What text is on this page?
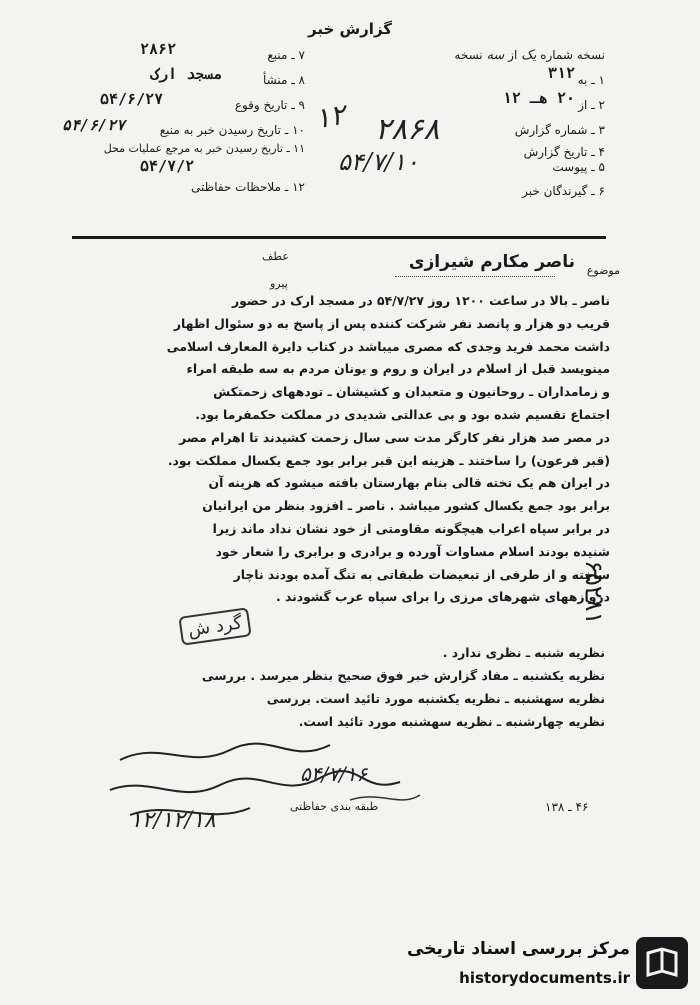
گزارش خبر
نسخه شماره یک از سه نسخه
۱ ـ به
۳۱۲
۲ ـ از
۲۰ هـ ۱۲
۳ ـ شماره گزارش
۴ ـ تاریخ گزارش
۵ ـ پیوست
۶ ـ گیرندگان خبر
۷ ـ منبع
۲۸۶۲
۸ ـ منشأ
مسجد ارک
۹ ـ تاریخ وقوع
۵۴/۶/۲۷
۱۰ ـ تاریخ رسیدن خبر به منبع
۵۴/۶/۲۷
۱۱ ـ تاریخ رسیدن خبر به مرجع عملیات محل
۵۴/۷/۲
۱۲ ـ ملاحظات حفاظتی
۱۲ ۲۸۶۸
۵۴/۷/۱۰
عطف
پیرو
موضوع
ناصر مکارم شیرازی
ناصر ـ بالا در ساعت ۱۲۰۰ روز ۵۴/۷/۲۷ در مسجد ارک در حضور
قریب دو هزار و پانصد نفر شرکت کننده پس از پاسخ به دو سئوال اظهار
داشت محمد فرید وجدی که مصری میباشد در کتاب دایرة المعارف اسلامی
مینویسد قبل از اسلام در ایران و روم و یونان مردم به سه طبقه امراء
و زمامداران ـ روحانیون و متعبدان و کشیشان ـ تودههای زحمتکش
اجتماع تقسیم شده بود و بی عدالتی شدیدی در مملکت حکمفرما بود.
در مصر صد هزار نفر کارگر مدت سی سال زحمت کشیدند تا اهرام مصر
(قبر فرعون) را ساختند ـ هزینه این قبر برابر بود جمع یکسال مملکت بود.
در ایران هم یک تخته قالی بنام بهارستان بافته میشود که هزینه آن
برابر بود جمع یکسال کشور میباشد . ناصر ـ افزود بنظر من ایرانیان
در برابر سپاه اعراب هیچگونه مقاومتی از خود نشان نداد ماند زیرا
شنیده بودند اسلام مساوات آورده و برادری و برابری را شعار خود
ساخته و از طرفی از تبعیضات طبقاتی به تنگ آمده بودند ناچار
دروازههای شهرهای مرزی را برای سپاه عرب گشودند .
نظریه شنبه ـ نظری ندارد .
نظریه یکشنبه ـ مفاد گزارش خبر فوق صحیح بنظر میرسد . بررسی
نظریه سهشنبه ـ نظریه یکشنبه مورد تائید است. بررسی
نظریه چهارشنبه ـ نظریه سهشنبه مورد تائید است.
گرد ش
۶۵۲۸۱
۵۴/۷/۱۶
۱۲/۱۲/۱۸
طبقه بندی حفاظتی	۴۶ ـ ۱۳۸
مرکز بررسی اسناد تاریخی
historydocuments.ir
